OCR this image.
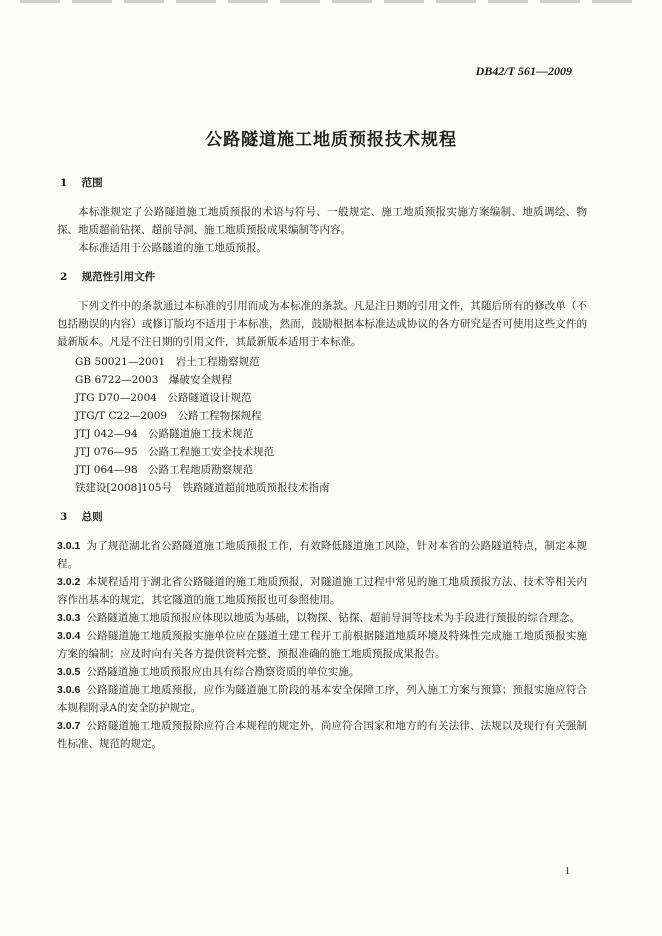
DB42/T 561—2009
公路隧道施工地质预报技术规程
1 范围

本标准规定了公路隧道施工地质预报的术语与符号、一般规定、施工地质预报实施方案编制、地质调绘、物探、地质超前钻探、超前导洞、施工地质预报成果编制等内容。

本标准适用于公路隧道的施工地质预报。

2 规范性引用文件

下列文件中的条款通过本标准的引用而成为本标准的条款。凡是注日期的引用文件，其随后所有的修改单（不包括勘误的内容）或修订版均不适用于本标准，然而，鼓励根据本标准达成协议的各方研究是否可使用这些文件的最新版本。凡是不注日期的引用文件，其最新版本适用于本标准。

GB 50021—2001　岩土工程勘察规范
GB 6722—2003　爆破安全规程
JTG D70—2004　公路隧道设计规范
JTG/T C22—2009　公路工程物探规程
JTJ 042—94　公路隧道施工技术规范
JTJ 076—95　公路工程施工安全技术规范
JTJ 064—98　公路工程地质勘察规范
铁建设[2008]105号　铁路隧道超前地质预报技术指南
3 总则

3.0.1 为了规范湖北省公路隧道施工地质预报工作，有效降低隧道施工风险，针对本省的公路隧道特点，制定本规程。

3.0.2 本规程适用于湖北省公路隧道的施工地质预报，对隧道施工过程中常见的施工地质预报方法、技术等相关内容作出基本的规定，其它隧道的施工地质预报也可参照使用。

3.0.3 公路隧道施工地质预报应体现以地质为基础，以物探、钻探、超前导洞等技术为手段进行预报的综合理念。

3.0.4 公路隧道施工地质预报实施单位应在隧道土建工程开工前根据隧道地质环境及特殊性完成施工地质预报实施方案的编制；应及时向有关各方提供资料完整、预报准确的施工地质预报成果报告。

3.0.5 公路隧道施工地质预报应由具有综合勘察资质的单位实施。

3.0.6 公路隧道施工地质预报，应作为隧道施工阶段的基本安全保障工序，列入施工方案与预算；预报实施应符合本规程附录A的安全防护规定。

3.0.7 公路隧道施工地质预报除应符合本规程的规定外，尚应符合国家和地方的有关法律、法规以及现行有关强制性标准、规范的规定。

1
